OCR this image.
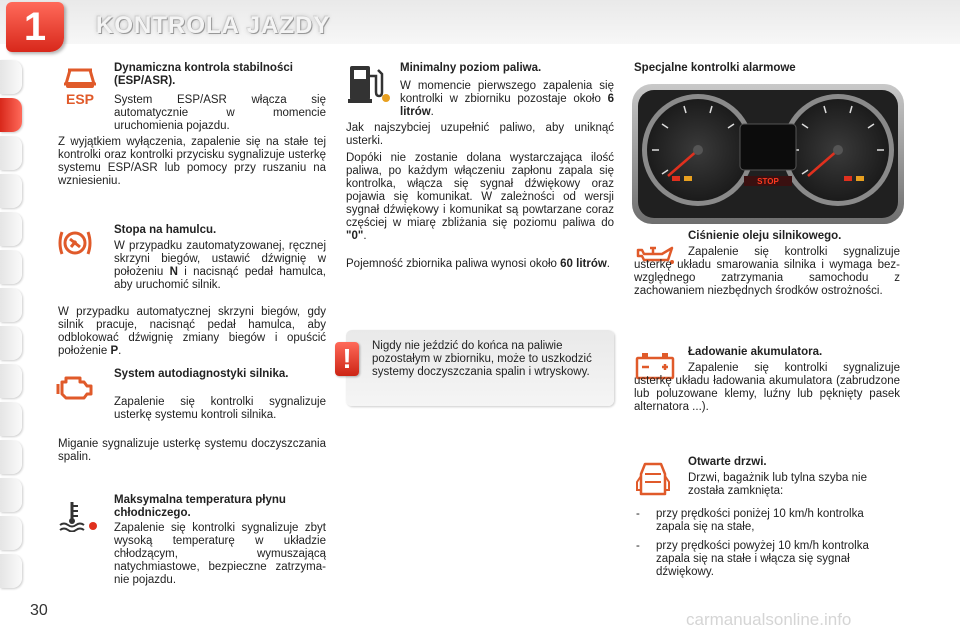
1	KONTROLA JAZDY
ESP
Dynamiczna kontrola stabilności (ESP/ASR).

System ESP/ASR włącza się automatycznie w momencie uruchomienia pojazdu.

Z wyjątkiem wyłączenia, zapalenie się na stałe tej kontrolki oraz kontrolki przycisku sygnalizuje usterkę systemu ESP/ASR lub pomocy przy ruszaniu na wzniesieniu.

Stopa na hamulcu.

W przypadku zautomatyzowanej, ręcznej skrzyni biegów, ustawić dźwignię w położeniu N i nacisnąć pedał hamulca, aby uruchomić silnik.

W przypadku automatycznej skrzyni biegów, gdy silnik pracuje, nacisnąć pedał hamulca, aby odblokować dźwignię zmiany biegów i opuścić położenie P.

System autodiagnostyki silnika.

Zapalenie się kontrolki sygnalizuje usterkę systemu kontroli silnika.

Miganie sygnalizuje usterkę systemu doczyszczania spalin.

Maksymalna temperatura płynu chłodniczego.

Zapalenie się kontrolki sygnalizuje zbyt wysoką temperaturę w układzie chłodzącym, wymuszającą natychmiastowe, bezpieczne zatrzymanie pojazdu.

Minimalny poziom paliwa.

W momencie pierwszego zapalenia się kontrolki w zbiorniku pozostaje około 6 litrów.

Jak najszybciej uzupełnić paliwo, aby uniknąć usterki.

Dopóki nie zostanie dolana wystarczająca ilość paliwa, po każdym włączeniu zapłonu zapala się kontrolka, włącza się sygnał dźwiękowy oraz pojawia się komunikat. W zależności od wersji sygnał dźwiękowy i komunikat są powtarzane coraz częściej w miarę zbliżania się poziomu paliwa do "0".

Pojemność zbiornika paliwa wynosi około 60 litrów.

!	Nigdy nie jeździć do końca na paliwie pozostałym w zbiorniku, może to uszkodzić systemy doczyszczania spalin i wtryskowy.

Specjalne kontrolki alarmowe
STOP
Ciśnienie oleju silnikowego.

Zapalenie się kontrolki sygnalizuje usterkę układu smarowania silnika i wymaga bezwzględnego zatrzymania samochodu z zachowaniem niezbędnych środków ostrożności.

Ładowanie akumulatora.

Zapalenie się kontrolki sygnalizuje usterkę układu ładowania akumulatora (zabrudzone lub poluzowane klemy, luźny lub pęknięty pasek alternatora ...).

Otwarte drzwi.

Drzwi, bagażnik lub tylna szyba nie została zamknięta:

- przy prędkości poniżej 10 km/h kontrolka zapala się na stałe,
- przy prędkości powyżej 10 km/h kontrolka zapala się na stałe i włącza się sygnał dźwiękowy.
30	carmanualsonline.info
